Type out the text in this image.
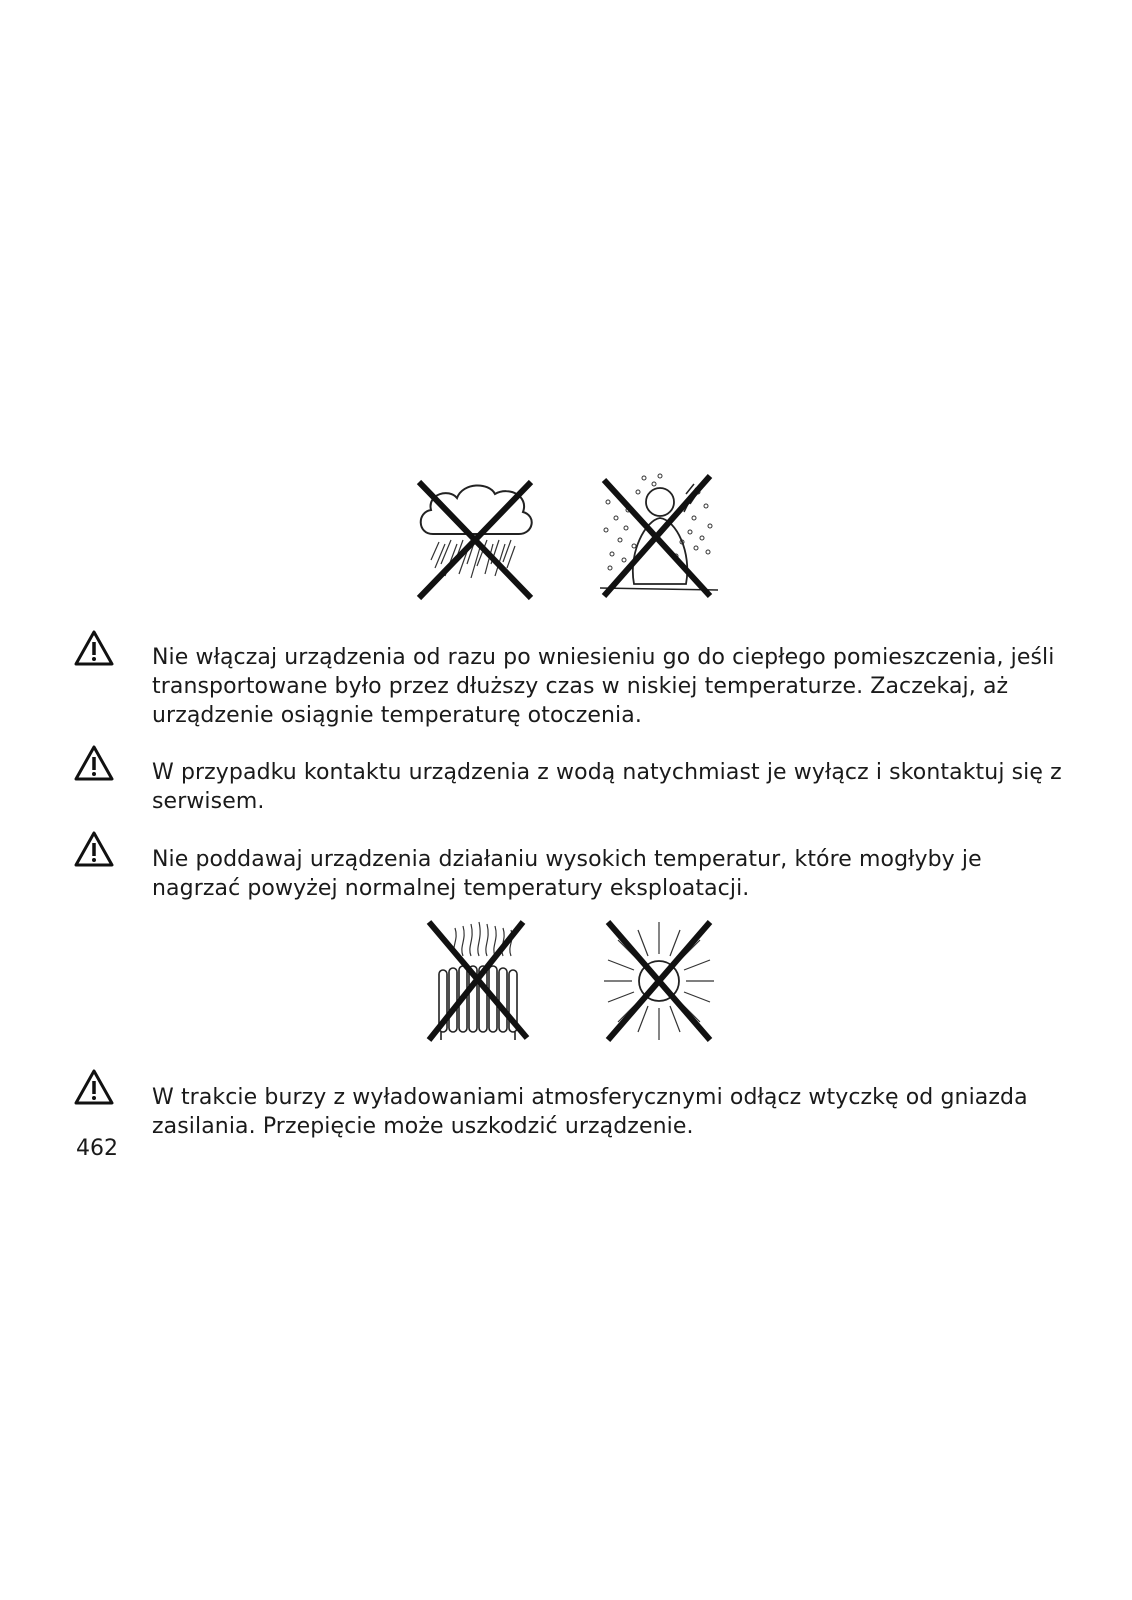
Nie włączaj urządzenia od razu po wniesieniu go do ciepłego pomieszczenia, jeśli transportowane było przez dłuższy czas w niskiej temperaturze. Zaczekaj, aż urządzenie osiągnie temperaturę otoczenia.

W przypadku kontaktu urządzenia z wodą natychmiast je wyłącz i skontaktuj się z serwisem.

Nie poddawaj urządzenia działaniu wysokich temperatur, które mogłyby je nagrzać powyżej normalnej temperatury eksploatacji.

W trakcie burzy z wyładowaniami atmosferycznymi odłącz wtyczkę od gniazda zasilania. Przepięcie może uszkodzić urządzenie.

462
